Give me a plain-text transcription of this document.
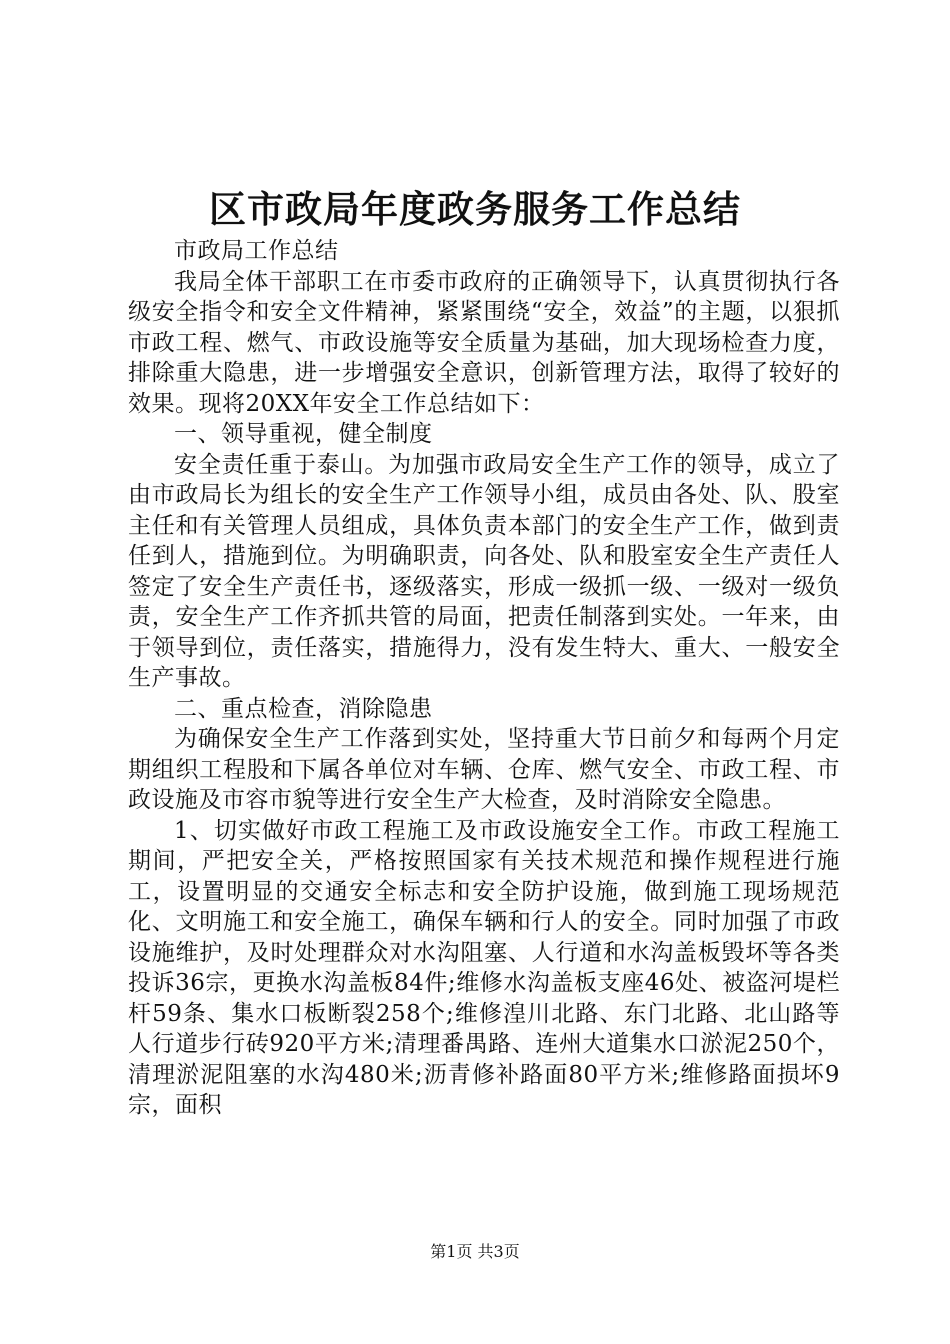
区市政局年度政务服务工作总结

市政局工作总结

我局全体干部职工在市委市政府的正确领导下，认真贯彻执行各级安全指令和安全文件精神，紧紧围绕“安全，效益”的主题，以狠抓市政工程、燃气、市政设施等安全质量为基础，加大现场检查力度，排除重大隐患，进一步增强安全意识，创新管理方法，取得了较好的效果。现将20XX年安全工作总结如下：

一、领导重视，健全制度

安全责任重于泰山。为加强市政局安全生产工作的领导，成立了由市政局长为组长的安全生产工作领导小组，成员由各处、队、股室主任和有关管理人员组成，具体负责本部门的安全生产工作，做到责任到人，措施到位。为明确职责，向各处、队和股室安全生产责任人签定了安全生产责任书，逐级落实，形成一级抓一级、一级对一级负责，安全生产工作齐抓共管的局面，把责任制落到实处。一年来，由于领导到位，责任落实，措施得力，没有发生特大、重大、一般安全生产事故。

二、重点检查，消除隐患

为确保安全生产工作落到实处，坚持重大节日前夕和每两个月定期组织工程股和下属各单位对车辆、仓库、燃气安全、市政工程、市政设施及市容市貌等进行安全生产大检查，及时消除安全隐患。

1、切实做好市政工程施工及市政设施安全工作。市政工程施工期间，严把安全关，严格按照国家有关技术规范和操作规程进行施工，设置明显的交通安全标志和安全防护设施，做到施工现场规范化、文明施工和安全施工，确保车辆和行人的安全。同时加强了市政设施维护，及时处理群众对水沟阻塞、人行道和水沟盖板毁坏等各类投诉36宗，更换水沟盖板84件;维修水沟盖板支座46处、被盗河堤栏杆59条、集水口板断裂258个;维修湟川北路、东门北路、北山路等人行道步行砖920平方米;清理番禺路、连州大道集水口淤泥250个，清理淤泥阻塞的水沟480米;沥青修补路面80平方米;维修路面损坏9宗，面积

第1页 共3页
